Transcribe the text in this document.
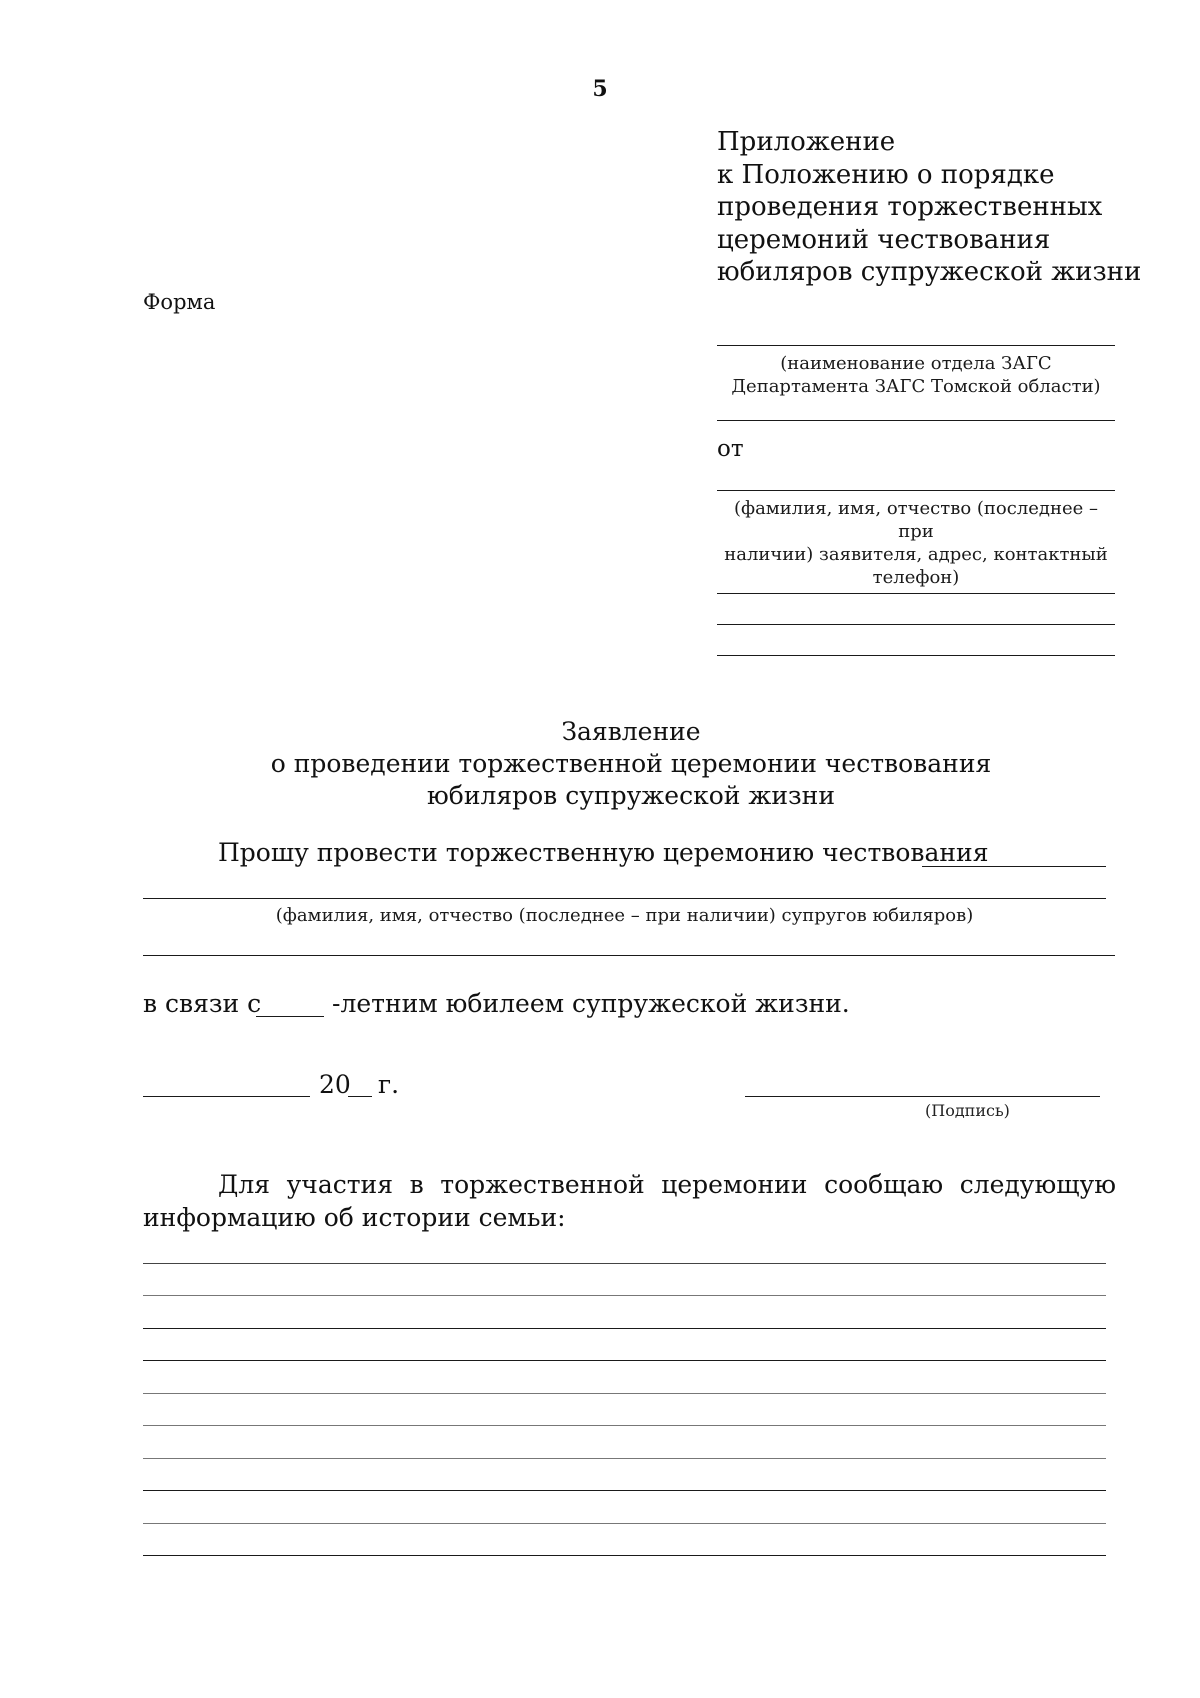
5
Приложение
к Положению о порядке
проведения торжественных
церемоний чествования
юбиляров супружеской жизни
Форма
(наименование отдела ЗАГС
Департамента ЗАГС Томской области)
от
(фамилия, имя, отчество (последнее – при
наличии) заявителя, адрес, контактный
телефон)
Заявление
о проведении торжественной церемонии чествования
юбиляров супружеской жизни
Прошу провести торжественную церемонию чествования
(фамилия, имя, отчество (последнее – при наличии) супругов юбиляров)
в связи с	-летним юбилеем супружеской жизни.
20 г.
(Подпись)
Для участия в торжественной церемонии сообщаю следующую информацию об истории семьи:
